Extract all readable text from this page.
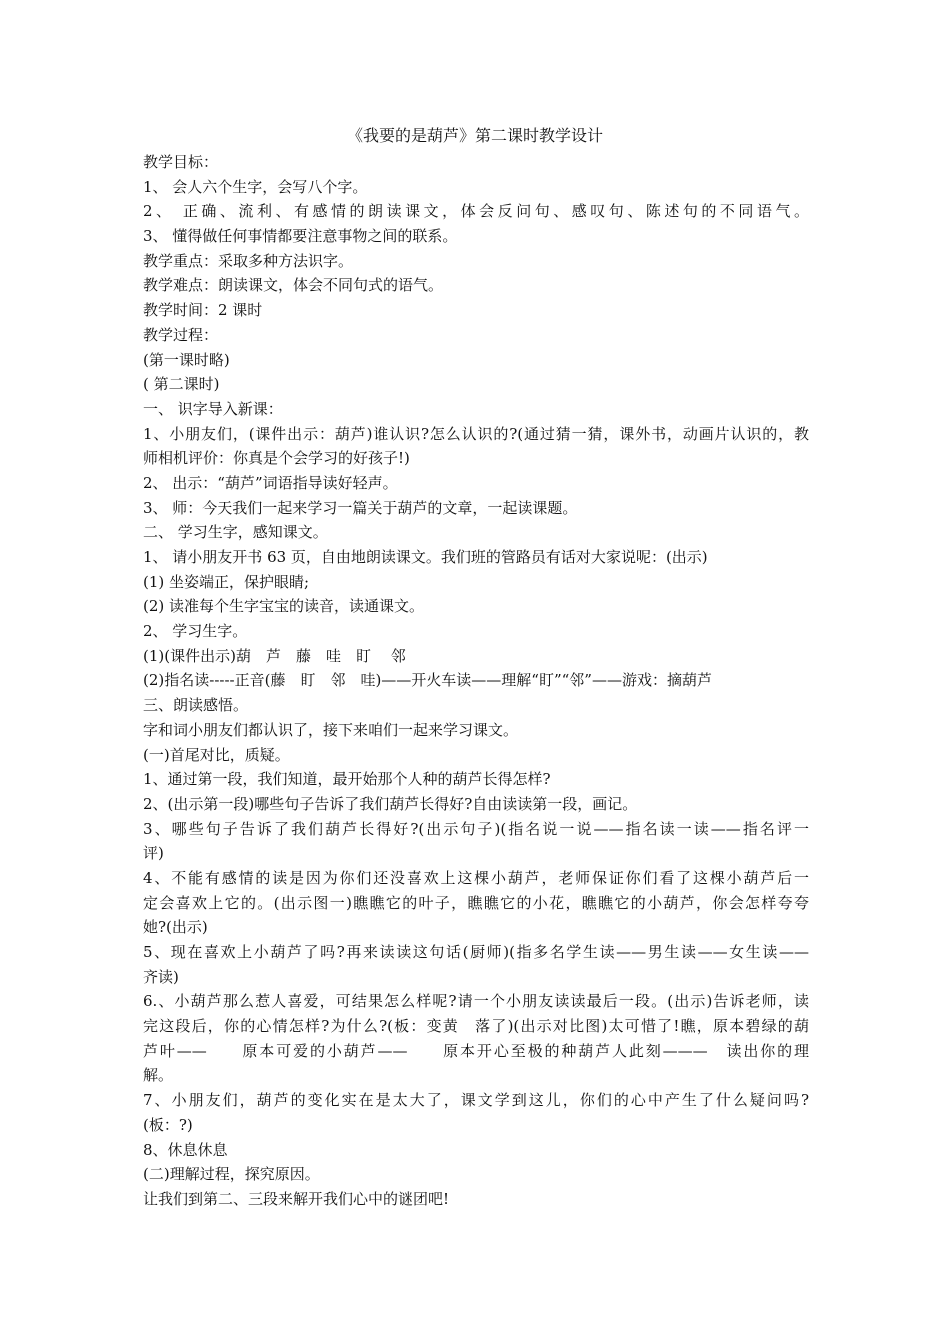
《我要的是葫芦》第二课时教学设计
教学目标：
1、 会人六个生字，会写八个字。
2、 正确、流利、有感情的朗读课文，体会反问句、感叹句、陈述句的不同语气。
3、 懂得做任何事情都要注意事物之间的联系。
教学重点：采取多种方法识字。
教学难点：朗读课文，体会不同句式的语气。
教学时间：2 课时
教学过程：
(第一课时略)
( 第二课时)
一、 识字导入新课：
1、小朋友们，(课件出示：葫芦)谁认识?怎么认识的?(通过猜一猜，课外书，动画片认识的，教
师相机评价：你真是个会学习的好孩子!)
2、 出示：“葫芦”词语指导读好轻声。
3、 师：今天我们一起来学习一篇关于葫芦的文章，一起读课题。
二、 学习生字，感知课文。
1、 请小朋友开书 63 页，自由地朗读课文。我们班的管路员有话对大家说呢：(出示)
(1) 坐姿端正，保护眼睛;
(2) 读准每个生字宝宝的读音，读通课文。
2、 学习生字。
(1)(课件出示)葫　芦　藤　哇　盯　 邻
(2)指名读-----正音(藤　盯　邻　哇)——开火车读——理解“盯”“邻”——游戏：摘葫芦
三、朗读感悟。
字和词小朋友们都认识了，接下来咱们一起来学习课文。
(一)首尾对比，质疑。
1、通过第一段，我们知道，最开始那个人种的葫芦长得怎样?
2、(出示第一段)哪些句子告诉了我们葫芦长得好?自由读读第一段，画记。
3、哪些句子告诉了我们葫芦长得好?(出示句子)(指名说一说——指名读一读——指名评一
评)
4、不能有感情的读是因为你们还没喜欢上这棵小葫芦，老师保证你们看了这棵小葫芦后一
定会喜欢上它的。(出示图一)瞧瞧它的叶子，瞧瞧它的小花，瞧瞧它的小葫芦，你会怎样夸夸
她?(出示)
5、现在喜欢上小葫芦了吗?再来读读这句话(厨师)(指多名学生读——男生读——女生读——
齐读)
6.、小葫芦那么惹人喜爱，可结果怎么样呢?请一个小朋友读读最后一段。(出示)告诉老师，读
完这段后，你的心情怎样?为什么?(板：变黄　落了)(出示对比图)太可惜了!瞧，原本碧绿的葫
芦叶——　　原本可爱的小葫芦——　　原本开心至极的种葫芦人此刻———　读出你的理
解。
7、小朋友们，葫芦的变化实在是太大了，课文学到这儿，你们的心中产生了什么疑问吗?
(板：?)
8、休息休息
(二)理解过程，探究原因。
让我们到第二、三段来解开我们心中的谜团吧!
